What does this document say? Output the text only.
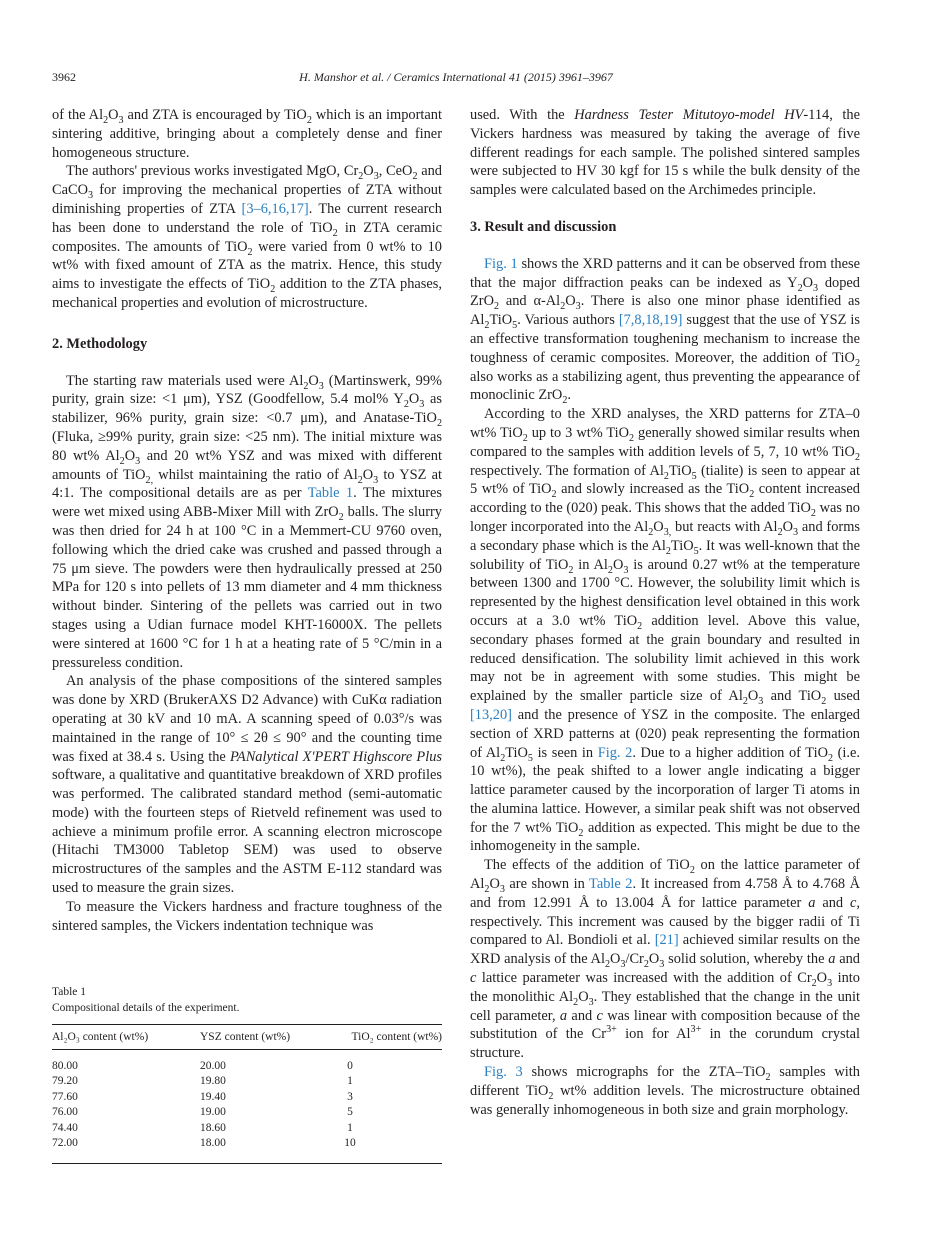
3962	H. Manshor et al. / Ceramics International 41 (2015) 3961–3967

of the $Al_2O_3$ and ZTA is encouraged by TiO$_2$ which is an important sintering additive, bringing about a completely dense and finer homogeneous structure.

The authors' previous works investigated MgO, $Cr_2O_3$, CeO$_2$ and CaCO$_3$ for improving the mechanical properties of ZTA without diminishing properties of ZTA [3–6,16,17]. The current research has been done to understand the role of TiO$_2$ in ZTA ceramic composites. The amounts of TiO$_2$ were varied from 0 wt% to 10 wt% with fixed amount of ZTA as the matrix. Hence, this study aims to investigate the effects of TiO$_2$ addition to the ZTA phases, mechanical properties and evolution of microstructure.

2. Methodology

The starting raw materials used were $Al_2O_3$ (Martinswerk, 99% purity, grain size: <1 μm), YSZ (Goodfellow, 5.4 mol% $Y_2O_3$ as stabilizer, 96% purity, grain size: <0.7 μm), and Anatase-TiO$_2$ (Fluka, ≥99% purity, grain size: <25 nm). The initial mixture was 80 wt% $Al_2O_3$ and 20 wt% YSZ and was mixed with different amounts of TiO$_{2,}$ whilst maintaining the ratio of $Al_2O_3$ to YSZ at 4:1. The compositional details are as per Table 1. The mixtures were wet mixed using ABB-Mixer Mill with ZrO$_2$ balls. The slurry was then dried for 24 h at 100 °C in a Memmert-CU 9760 oven, following which the dried cake was crushed and passed through a 75 μm sieve. The powders were then hydraulically pressed at 250 MPa for 120 s into pellets of 13 mm diameter and 4 mm thickness without binder. Sintering of the pellets was carried out in two stages using a Udian furnace model KHT-16000X. The pellets were sintered at 1600 °C for 1 h at a heating rate of 5 °C/min in a pressureless condition.

An analysis of the phase compositions of the sintered samples was done by XRD (BrukerAXS D2 Advance) with CuKα radiation operating at 30 kV and 10 mA. A scanning speed of 0.03°/s was maintained in the range of 10° ≤ 2θ ≤ 90° and the counting time was fixed at 38.4 s. Using the PANalytical X'PERT Highscore Plus software, a qualitative and quantitative breakdown of XRD profiles was performed. The calibrated standard method (semi-automatic mode) with the fourteen steps of Rietveld refinement was used to achieve a minimum profile error. A scanning electron microscope (Hitachi TM3000 Tabletop SEM) was used to observe microstructures of the samples and the ASTM E-112 standard was used to measure the grain sizes.

To measure the Vickers hardness and fracture toughness of the sintered samples, the Vickers indentation technique was

Table 1
Compositional details of the experiment.
Al₂O₃ content (wt%)	YSZ content (wt%)	TiO₂ content (wt%)
80.00	20.00	0
79.20	19.80	1
77.60	19.40	3
76.00	19.00	5
74.40	18.60	1
72.00	18.00	10

used. With the Hardness Tester Mitutoyo-model HV-114, the Vickers hardness was measured by taking the average of five different readings for each sample. The polished sintered samples were subjected to HV 30 kgf for 15 s while the bulk density of the samples were calculated based on the Archimedes principle.

3. Result and discussion

Fig. 1 shows the XRD patterns and it can be observed from these that the major diffraction peaks can be indexed as $Y_2O_3$ doped ZrO$_2$ and $\alpha-Al_2O_3$. There is also one minor phase identified as $Al_2TiO_5$. Various authors [7,8,18,19] suggest that the use of YSZ is an effective transformation toughening mechanism to increase the toughness of ceramic composites. Moreover, the addition of TiO$_2$ also works as a stabilizing agent, thus preventing the appearance of monoclinic ZrO$_2$.

According to the XRD analyses, the XRD patterns for ZTA–0 wt% TiO$_2$ up to 3 wt% TiO$_2$ generally showed similar results when compared to the samples with addition levels of 5, 7, 10 wt% TiO$_2$ respectively. The formation of $Al_2TiO_5$ (tialite) is seen to appear at 5 wt% of TiO$_2$ and slowly increased as the TiO$_2$ content increased according to the (020) peak. This shows that the added TiO$_2$ was no longer incorporated into the $Al_2O_{3,}$ but reacts with $Al_2O_3$ and forms a secondary phase which is the $Al_2TiO_5$. It was well-known that the solubility of TiO$_2$ in $Al_2O_3$ is around 0.27 wt% at the temperature between 1300 and 1700 °C. However, the solubility limit which is represented by the highest densification level obtained in this work occurs at a 3.0 wt% TiO$_2$ addition level. Above this value, secondary phases formed at the grain boundary and resulted in reduced densification. The solubility limit achieved in this work may not be in agreement with some studies. This might be explained by the smaller particle size of $Al_2O_3$ and TiO$_2$ used [13,20] and the presence of YSZ in the composite. The enlarged section of XRD patterns at (020) peak representing the formation of $Al_2TiO_5$ is seen in Fig. 2. Due to a higher addition of TiO$_2$ (i.e. 10 wt%), the peak shifted to a lower angle indicating a bigger lattice parameter caused by the incorporation of larger Ti atoms in the alumina lattice. However, a similar peak shift was not observed for the 7 wt% TiO$_2$ addition as expected. This might be due to the inhomogeneity in the sample.

The effects of the addition of TiO$_2$ on the lattice parameter of $Al_2O_3$ are shown in Table 2. It increased from 4.758 Å to 4.768 Å and from 12.991 Å to 13.004 Å for lattice parameter a and c, respectively. This increment was caused by the bigger radii of Ti compared to Al. Bondioli et al. [21] achieved similar results on the XRD analysis of the $Al_2O_3/Cr_2O_3$ solid solution, whereby the a and c lattice parameter was increased with the addition of $Cr_2O_3$ into the monolithic $Al_2O_3$. They established that the change in the unit cell parameter, a and c was linear with composition because of the substitution of the $Cr^{3+}$ ion for $Al^{3+}$ in the corundum crystal structure.

Fig. 3 shows micrographs for the ZTA–TiO$_2$ samples with different TiO$_2$ wt% addition levels. The microstructure obtained was generally inhomogeneous in both size and grain morphology.
